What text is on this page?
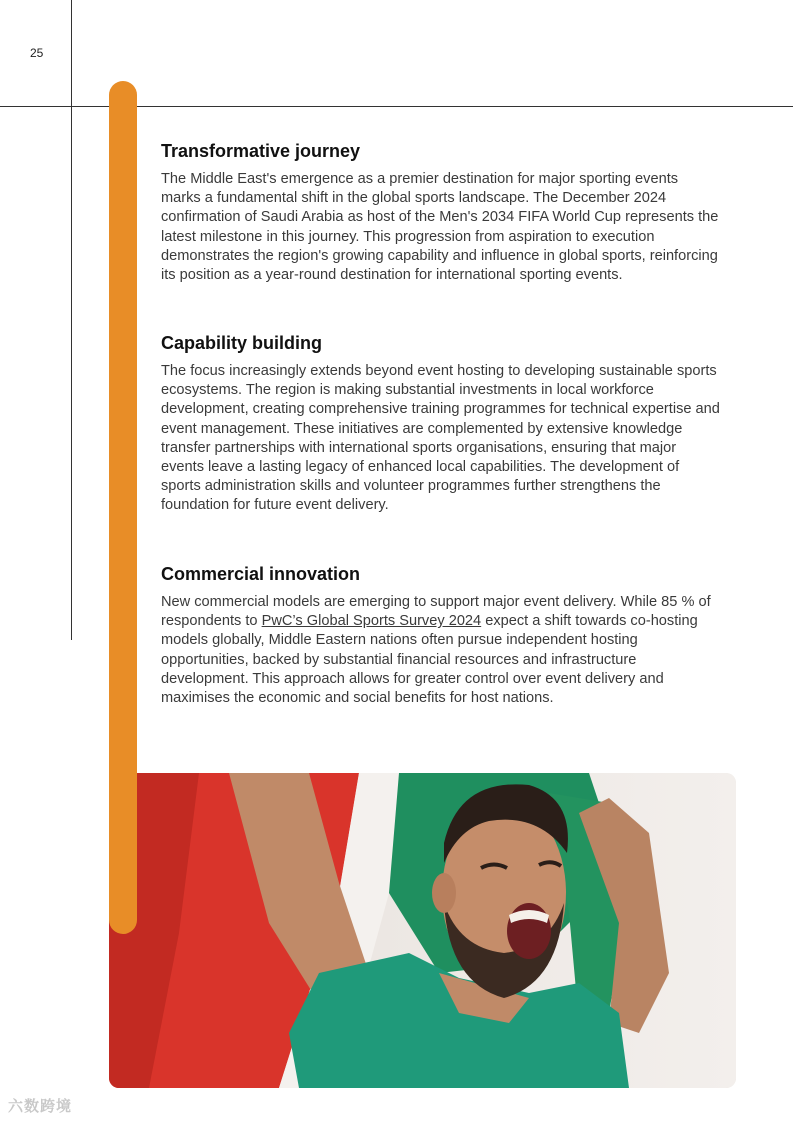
25
Transformative journey

The Middle East's emergence as a premier destination for major sporting events marks a fundamental shift in the global sports landscape. The December 2024 confirmation of Saudi Arabia as host of the Men's 2034 FIFA World Cup represents the latest milestone in this journey. This progression from aspiration to execution demonstrates the region's growing capability and influence in global sports, reinforcing its position as a year-round destination for international sporting events.

Capability building

The focus increasingly extends beyond event hosting to developing sustainable sports ecosystems. The region is making substantial investments in local workforce development, creating comprehensive training programmes for technical expertise and event management. These initiatives are complemented by extensive knowledge transfer partnerships with international sports organisations, ensuring that major events leave a lasting legacy of enhanced local capabilities. The development of sports administration skills and volunteer programmes further strengthens the foundation for future event delivery.

Commercial innovation

New commercial models are emerging to support major event delivery. While 85 % of respondents to PwC’s Global Sports Survey 2024 expect a shift towards co-hosting models globally, Middle Eastern nations often pursue independent hosting opportunities, backed by substantial financial resources and infrastructure development. This approach allows for greater control over event delivery and maximises the economic and social benefits for host nations.

六数跨境
